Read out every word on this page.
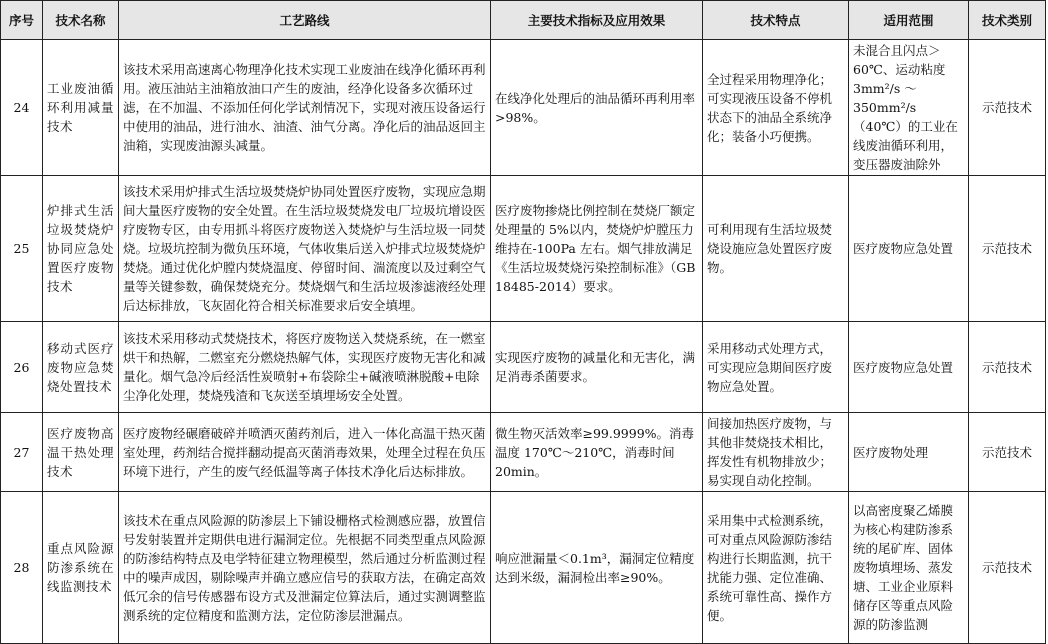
序号	技术名称	工艺路线	主要技术指标及应用效果	技术特点	适用范围	技术类别
24	工业废油循环利用减量技术	该技术采用高速离心物理净化技术实现工业废油在线净化循环再利用。液压油站主油箱放油口产生的废油，经净化设备多次循环过滤，在不加温、不添加任何化学试剂情况下，实现对液压设备运行中使用的油品，进行油水、油渣、油气分离。净化后的油品返回主油箱，实现废油源头减量。	在线净化处理后的油品循环再利用率>98%。	全过程采用物理净化；可实现液压设备不停机状态下的油品全系统净化；装备小巧便携。	未混合且闪点＞60℃、运动粘度3mm²/s ～350mm²/s（40℃）的工业在线废油循环利用，变压器废油除外	示范技术
25	炉排式生活垃圾焚烧炉协同应急处置医疗废物技术	该技术采用炉排式生活垃圾焚烧炉协同处置医疗废物，实现应急期间大量医疗废物的安全处置。在生活垃圾焚烧发电厂垃圾坑增设医疗废物专区，由专用抓斗将医疗废物送入焚烧炉与生活垃圾一同焚烧。垃圾坑控制为微负压环境，气体收集后送入炉排式垃圾焚烧炉焚烧。通过优化炉膛内焚烧温度、停留时间、湍流度以及过剩空气量等关键参数，确保焚烧充分。焚烧烟气和生活垃圾渗滤液经处理后达标排放，飞灰固化符合相关标准要求后安全填埋。	医疗废物掺烧比例控制在焚烧厂额定处理量的 5%以内，焚烧炉炉膛压力维持在-100Pa 左右。烟气排放满足《生活垃圾焚烧污染控制标准》（GB 18485-2014）要求。	可利用现有生活垃圾焚烧设施应急处置医疗废物。	医疗废物应急处置	示范技术
26	移动式医疗废物应急焚烧处置技术	该技术采用移动式焚烧技术，将医疗废物送入焚烧系统，在一燃室烘干和热解，二燃室充分燃烧热解气体，实现医疗废物无害化和减量化。烟气急冷后经活性炭喷射+布袋除尘+碱液喷淋脱酸+电除尘净化处理，焚烧残渣和飞灰送至填埋场安全处置。	实现医疗废物的减量化和无害化，满足消毒杀菌要求。	采用移动式处理方式，可实现应急期间医疗废物应急处置。	医疗废物应急处置	示范技术
27	医疗废物高温干热处理技术	医疗废物经碾磨破碎并喷洒灭菌药剂后，进入一体化高温干热灭菌室处理，药剂结合搅拌翻动提高灭菌消毒效果，处理全过程在负压环境下进行，产生的废气经低温等离子体技术净化后达标排放。	微生物灭活效率≥99.9999%。消毒温度 170℃～210℃，消毒时间 20min。	间接加热医疗废物，与其他非焚烧技术相比，挥发性有机物排放少；易实现自动化控制。	医疗废物处理	示范技术
28	重点风险源防渗系统在线监测技术	该技术在重点风险源的防渗层上下铺设栅格式检测感应器，放置信号发射装置并定期供电进行漏洞定位。先根据不同类型重点风险源的防渗结构特点及电学特征建立物理模型，然后通过分析监测过程中的噪声成因，剔除噪声并确立感应信号的获取方法，在确定高效低冗余的信号传感器布设方式及泄漏定位算法后，通过实测调整监测系统的定位精度和监测方法，定位防渗层泄漏点。	响应泄漏量＜0.1m³，漏洞定位精度达到米级，漏洞检出率≥90%。	采用集中式检测系统，可对重点风险源防渗结构进行长期监测，抗干扰能力强、定位准确、系统可靠性高、操作方便。	以高密度聚乙烯膜为核心构建防渗系统的尾矿库、固体废物填埋场、蒸发塘、工业企业原料储存区等重点风险源的防渗监测	示范技术
